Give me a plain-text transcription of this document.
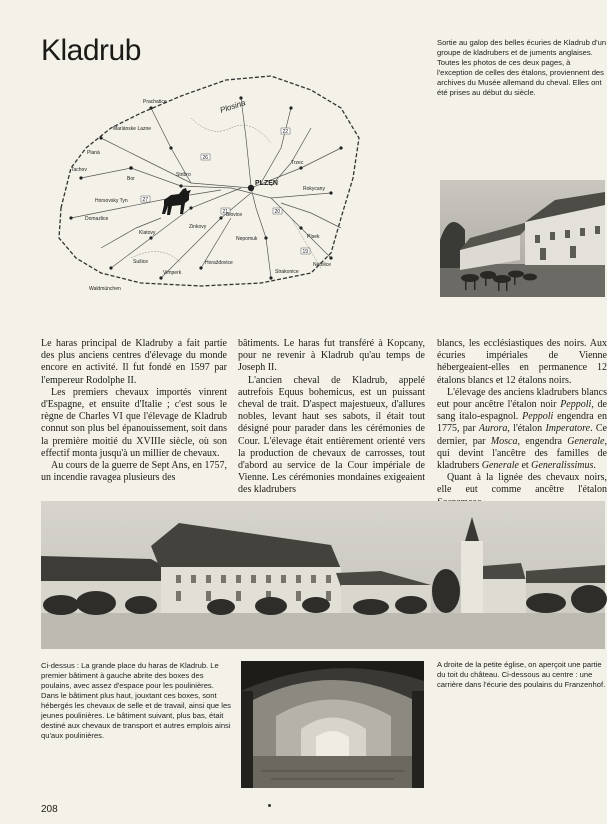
Kladrub	Sortie au galop des belles écuries de Kladrub d'un groupe de kladrubers et de juments anglaises. Toutes les photos de ces deux pages, à l'exception de celles des étalons, proviennent des archives du Musée allemand du cheval. Elles ont été prises au début du siècle.

21	20
26
27
19
22
Plosina
Prachatice
Mariánske Lazne
PLZEN
Trzec
Rokycany
Domazlice
Klatovy
Horaždovice
Sušice
Strakonice
Vimperk
Blovice
Nepomuk	Písek
Waldmünchen
Zinkovy
Netolice
Stribro
Horsovsky Tyn
Bor
Tachov
Planá

Le haras principal de Kladruby a fait partie des plus anciens centres d'élevage du monde encore en activité. Il fut fondé en 1597 par l'empereur Rodolphe II.

Les premiers chevaux importés vinrent d'Espagne, et ensuite d'Italie ; c'est sous le règne de Charles VI que l'élevage de Kladrub connut son plus bel épanouissement, soit dans la première moitié du XVIIIe siècle, où son effectif monta jusqu'à un millier de chevaux.

Au cours de la guerre de Sept Ans, en 1757, un incendie ravagea plusieurs des

bâtiments. Le haras fut transféré à Kopcany, pour ne revenir à Kladrub qu'au temps de Joseph II.

L'ancien cheval de Kladrub, appelé autrefois Equus bohemicus, est un puissant cheval de trait. D'aspect majestueux, d'allures nobles, levant haut ses sabots, il était tout désigné pour parader dans les cérémonies de Cour. L'élevage était entièrement orienté vers la production de chevaux de carrosses, tout d'abord au service de la Cour impériale de Vienne. Les cérémonies mondaines exigeaient des kladrubers

blancs, les ecclésiastiques des noirs. Aux écuries impériales de Vienne hébergeaient-elles en permanence 12 étalons blancs et 12 étalons noirs.

L'élevage des anciens kladrubers blancs eut pour ancêtre l'étalon noir Peppoli, de sang italo-espagnol. Peppoli engendra en 1775, par Aurora, l'étalon Imperatore. Ce dernier, par Mosca, engendra Generale, qui devint l'ancêtre des familles de kladrubers Generale et Generalissimus.

Quant à la lignée des chevaux noirs, elle eut comme ancêtre l'étalon

Ci-dessus : La grande place du haras de Kladrub. Le premier bâtiment à gauche abrite des boxes des poulains, avec assez d'espace pour les poulinières. Dans le bâtiment plus haut, jouxtant ces boxes, sont hébergés les chevaux de selle et de travail, ainsi que les jeunes poulinières. Le bâtiment suivant, plus bas, était destiné aux chevaux de transport et autres emplois ainsi qu'aux poulinières.

A droite de la petite église, on aperçoit une partie du toit du château. Ci-dessous au centre : une carrière dans l'écurie des poulains du Franzenhof.

208
